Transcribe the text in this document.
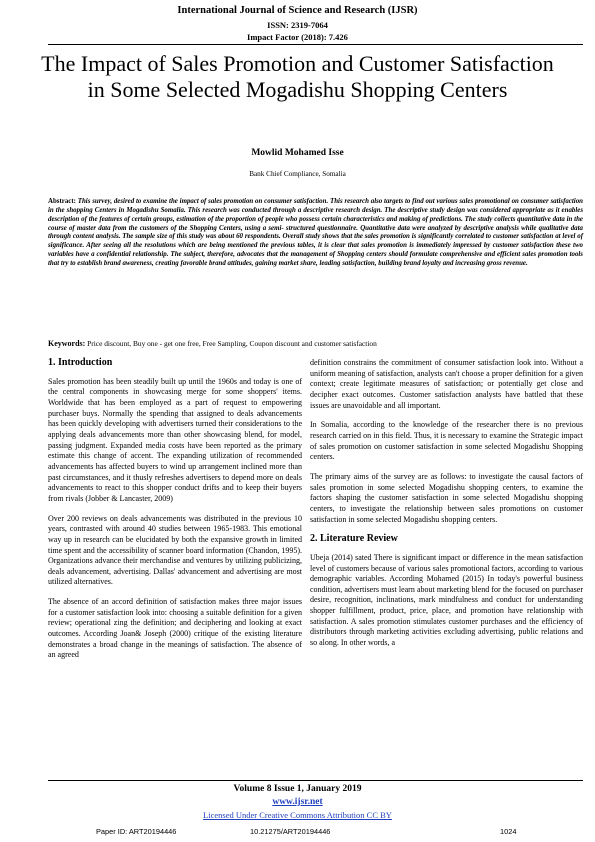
International Journal of Science and Research (IJSR)
ISSN: 2319-7064
Impact Factor (2018): 7.426
The Impact of Sales Promotion and Customer Satisfaction in Some Selected Mogadishu Shopping Centers
Mowlid Mohamed Isse
Bank Chief Compliance, Somalia
Abstract: This survey, desired to examine the impact of sales promotion on consumer satisfaction. This research also targets to find out various sales promotional on consumer satisfaction in the shopping Centers in Mogadishu Somalia. This research was conducted through a descriptive research design. The descriptive study design was considered appropriate as it enables description of the features of certain groups, estimation of the proportion of people who possess certain characteristics and making of predictions. The study collects quantitative data in the course of master data from the customers of the Shopping Centers, using a semi- structured questionnaire. Quantitative data were analyzed by descriptive analysis while qualitative data through content analysis. The sample size of this study was about 60 respondents. Overall study shows that the sales promotion is significantly correlated to customer satisfaction at level of significance. After seeing all the resolutions which are being mentioned the previous tables, it is clear that sales promotion is immediately impressed by customer satisfaction these two variables have a confidential relationship. The subject, therefore, advocates that the management of Shopping centers should formulate comprehensive and efficient sales promotion tools that try to establish brand awareness, creating favorable brand attitudes, gaining market share, leading satisfaction, building brand loyalty and increasing gross revenue.
Keywords: Price discount, Buy one - get one free, Free Sampling, Coupon discount and customer satisfaction
1. Introduction

Sales promotion has been steadily built up until the 1960s and today is one of the central components in showcasing merge for some shoppers' items. Worldwide that has been employed as a part of request to empowering purchaser buys. Normally the spending that assigned to deals advancements has been quickly developing with advertisers turned their considerations to the applying deals advancements more than other showcasing blend, for model, passing judgment. Expanded media costs have been reported as the primary estimate this change of accent. The expanding utilization of recommended advancements has affected buyers to wind up arrangement inclined more than past circumstances, and it thusly refreshes advertisers to depend more on deals advancements to react to this shopper conduct drifts and to keep their buyers from rivals (Jobber & Lancaster, 2009)

Over 200 reviews on deals advancements was distributed in the previous 10 years, contrasted with around 40 studies between 1965-1983. This emotional way up in research can be elucidated by both the expansive growth in limited time spent and the accessibility of scanner board information (Chandon, 1995). Organizations advance their merchandise and ventures by utilizing publicizing, deals advancement, advertising. Dallas' advancement and advertising are most utilized alternatives.

The absence of an accord definition of satisfaction makes three major issues for a customer satisfaction look into: choosing a suitable definition for a given review; operational zing the definition; and deciphering and looking at exact outcomes. According Joan& Joseph (2000) critique of the existing literature demonstrates a broad change in the meanings of satisfaction. The absence of an agreed

definition constrains the commitment of consumer satisfaction look into. Without a uniform meaning of satisfaction, analysts can't choose a proper definition for a given context; create legitimate measures of satisfaction; or potentially get close and decipher exact outcomes. Customer satisfaction analysts have battled that these issues are unavoidable and all important.

In Somalia, according to the knowledge of the researcher there is no previous research carried on in this field. Thus, it is necessary to examine the Strategic impact of sales promotion on customer satisfaction in some selected Mogadishu Shopping centers.

The primary aims of the survey are as follows: to investigate the causal factors of sales promotion in some selected Mogadishu shopping centers, to examine the factors shaping the customer satisfaction in some selected Mogadishu shopping centers, to investigate the relationship between sales promotions on customer satisfaction in some selected Mogadishu shopping centers.

2. Literature Review

Ubeja (2014) sated There is significant impact or difference in the mean satisfaction level of customers because of various sales promotional factors, according to various demographic variables. According Mohamed (2015) In today's powerful business condition, advertisers must learn about marketing blend for the focused on purchaser desire, recognition, inclinations, mark mindfulness and conduct for understanding shopper fulfillment, product, price, place, and promotion have relationship with satisfaction. A sales promotion stimulates customer purchases and the efficiency of distributors through marketing activities excluding advertising, public relations and so along. In other words, a

Volume 8 Issue 1, January 2019
www.ijsr.net
Licensed Under Creative Commons Attribution CC BY
Paper ID: ART20194446	10.21275/ART20194446	1024
